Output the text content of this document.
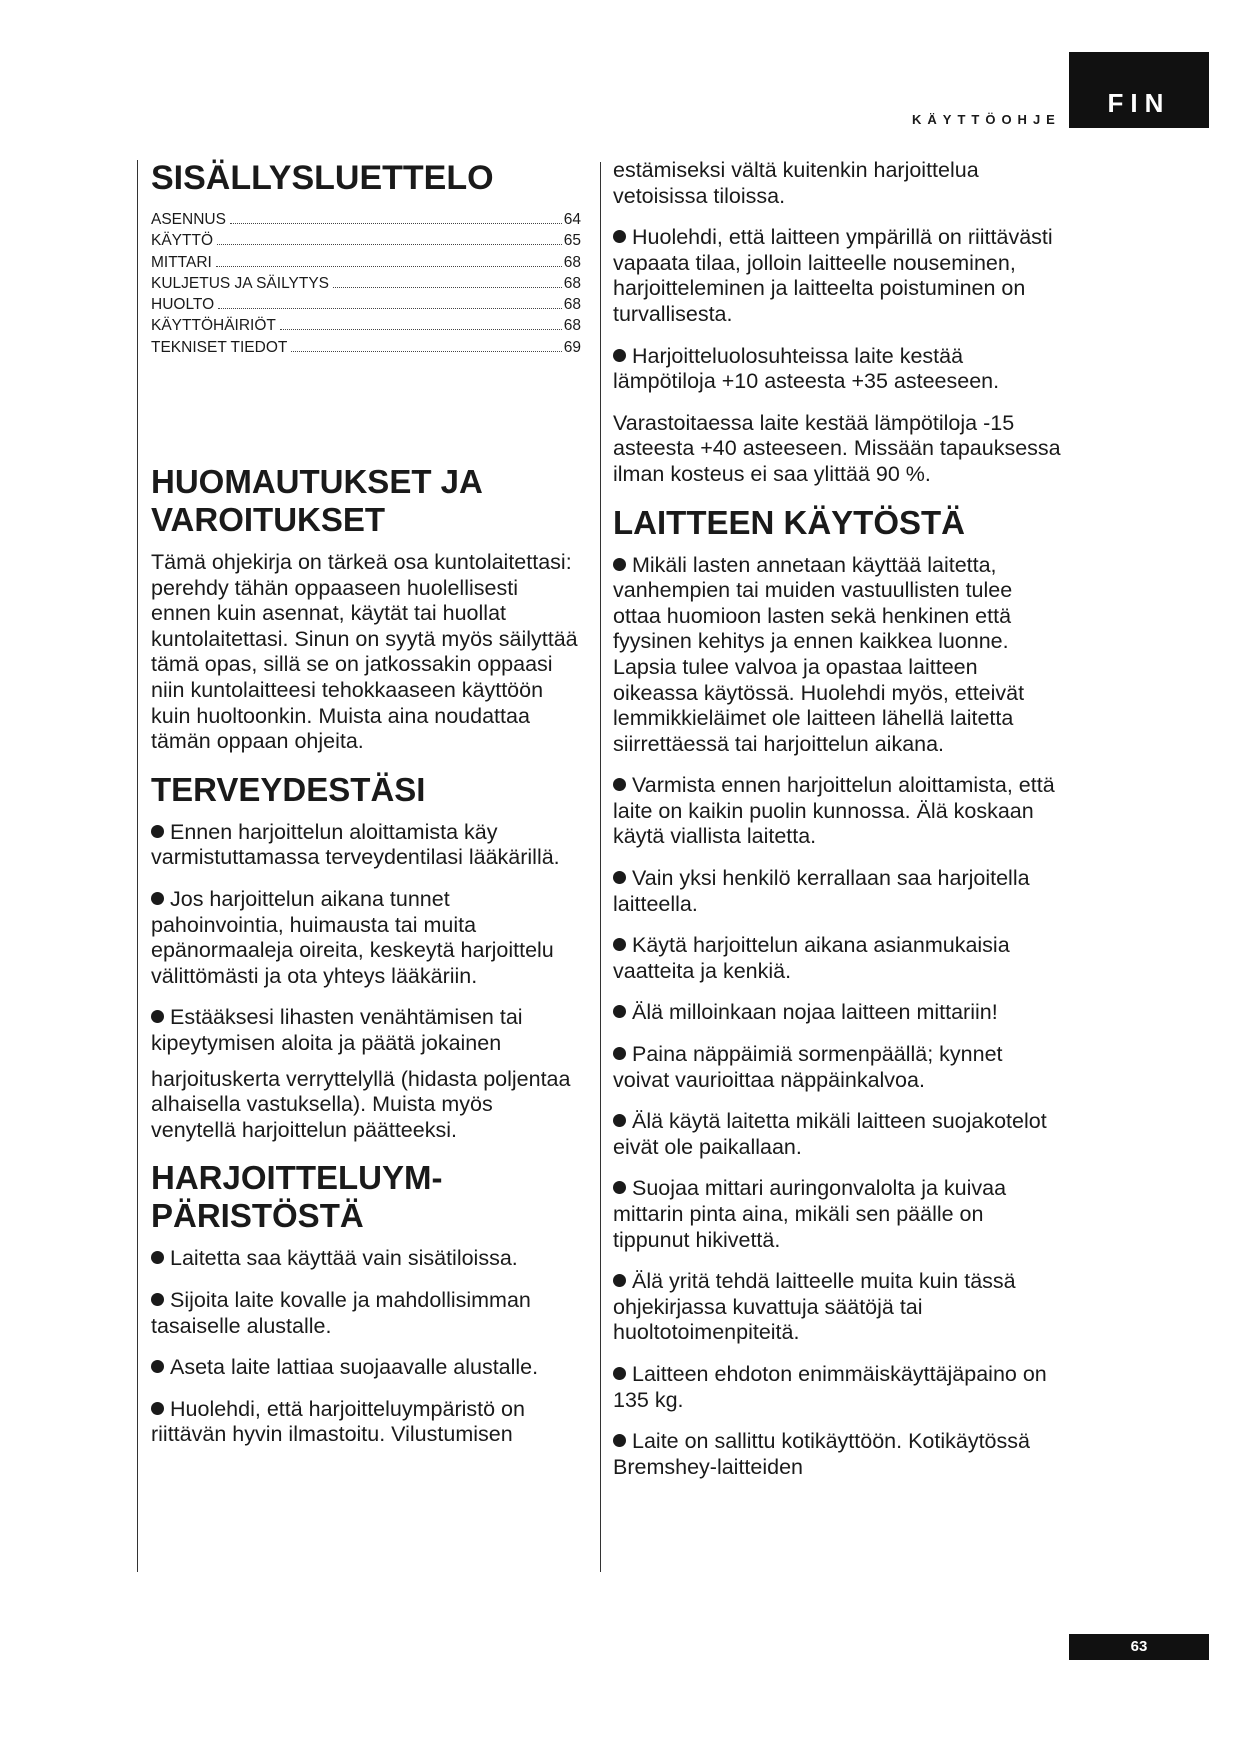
KÄYTTÖOHJE
FIN
SISÄLLYSLUETTELO
ASENNUS	64
KÄYTTÖ	65
MITTARI	68
KULJETUS JA SÄILYTYS	68
HUOLTO	68
KÄYTTÖHÄIRIÖT	68
TEKNISET TIEDOT	69
HUOMAUTUKSET JA VAROITUKSET

Tämä ohjekirja on tärkeä osa kuntolaitettasi: perehdy tähän oppaaseen huolellisesti ennen kuin asennat, käytät tai huollat kuntolaitettasi. Sinun on syytä myös säilyttää tämä opas, sillä se on jatkossakin oppaasi niin kuntolaitteesi tehokkaaseen käyttöön kuin huoltoonkin. Muista aina noudattaa tämän oppaan ohjeita.

TERVEYDESTÄSI

Ennen harjoittelun aloittamista käy varmistuttamassa terveydentilasi lääkärillä.

Jos harjoittelun aikana tunnet pahoinvointia, huimausta tai muita epänormaaleja oireita, keskeytä harjoittelu välittömästi ja ota yhteys lääkäriin.

Estääksesi lihasten venähtämisen tai kipeytymisen aloita ja päätä jokainen

harjoituskerta verryttelyllä (hidasta poljentaa alhaisella vastuksella). Muista myös venytellä harjoittelun päätteeksi.

HARJOITTELUYM-
PÄRISTÖSTÄ

Laitetta saa käyttää vain sisätiloissa.

Sijoita laite kovalle ja mahdollisimman tasaiselle alustalle.

Aseta laite lattiaa suojaavalle alustalle.

Huolehdi, että harjoitteluympäristö on riittävän hyvin ilmastoitu. Vilustumisen

estämiseksi vältä kuitenkin harjoittelua vetoisissa tiloissa.

Huolehdi, että laitteen ympärillä on riittävästi vapaata tilaa, jolloin laitteelle nouseminen, harjoitteleminen ja laitteelta poistuminen on turvallisesta.

Harjoitteluolosuhteissa laite kestää lämpötiloja +10 asteesta +35 asteeseen.

Varastoitaessa laite kestää lämpötiloja -15 asteesta +40 asteeseen. Missään tapauksessa ilman kosteus ei saa ylittää 90 %.

LAITTEEN KÄYTÖSTÄ

Mikäli lasten annetaan käyttää laitetta, vanhempien tai muiden vastuullisten tulee ottaa huomioon lasten sekä henkinen että fyysinen kehitys ja ennen kaikkea luonne. Lapsia tulee valvoa ja opastaa laitteen oikeassa käytössä. Huolehdi myös, etteivät lemmikkieläimet ole laitteen lähellä laitetta siirrettäessä tai harjoittelun aikana.

Varmista ennen harjoittelun aloittamista, että laite on kaikin puolin kunnossa. Älä koskaan käytä viallista laitetta.

Vain yksi henkilö kerrallaan saa harjoitella laitteella.

Käytä harjoittelun aikana asianmukaisia vaatteita ja kenkiä.

Älä milloinkaan nojaa laitteen mittariin!

Paina näppäimiä sormenpäällä; kynnet voivat vaurioittaa näppäinkalvoa.

Älä käytä laitetta mikäli laitteen suojakotelot eivät ole paikallaan.

Suojaa mittari auringonvalolta ja kuivaa mittarin pinta aina, mikäli sen päälle on tippunut hikivettä.

Älä yritä tehdä laitteelle muita kuin tässä ohjekirjassa kuvattuja säätöjä tai huoltotoimenpiteitä.

Laitteen ehdoton enimmäiskäyttäjäpaino on 135 kg.

Laite on sallittu kotikäyttöön. Kotikäytössä Bremshey-laitteiden

63
